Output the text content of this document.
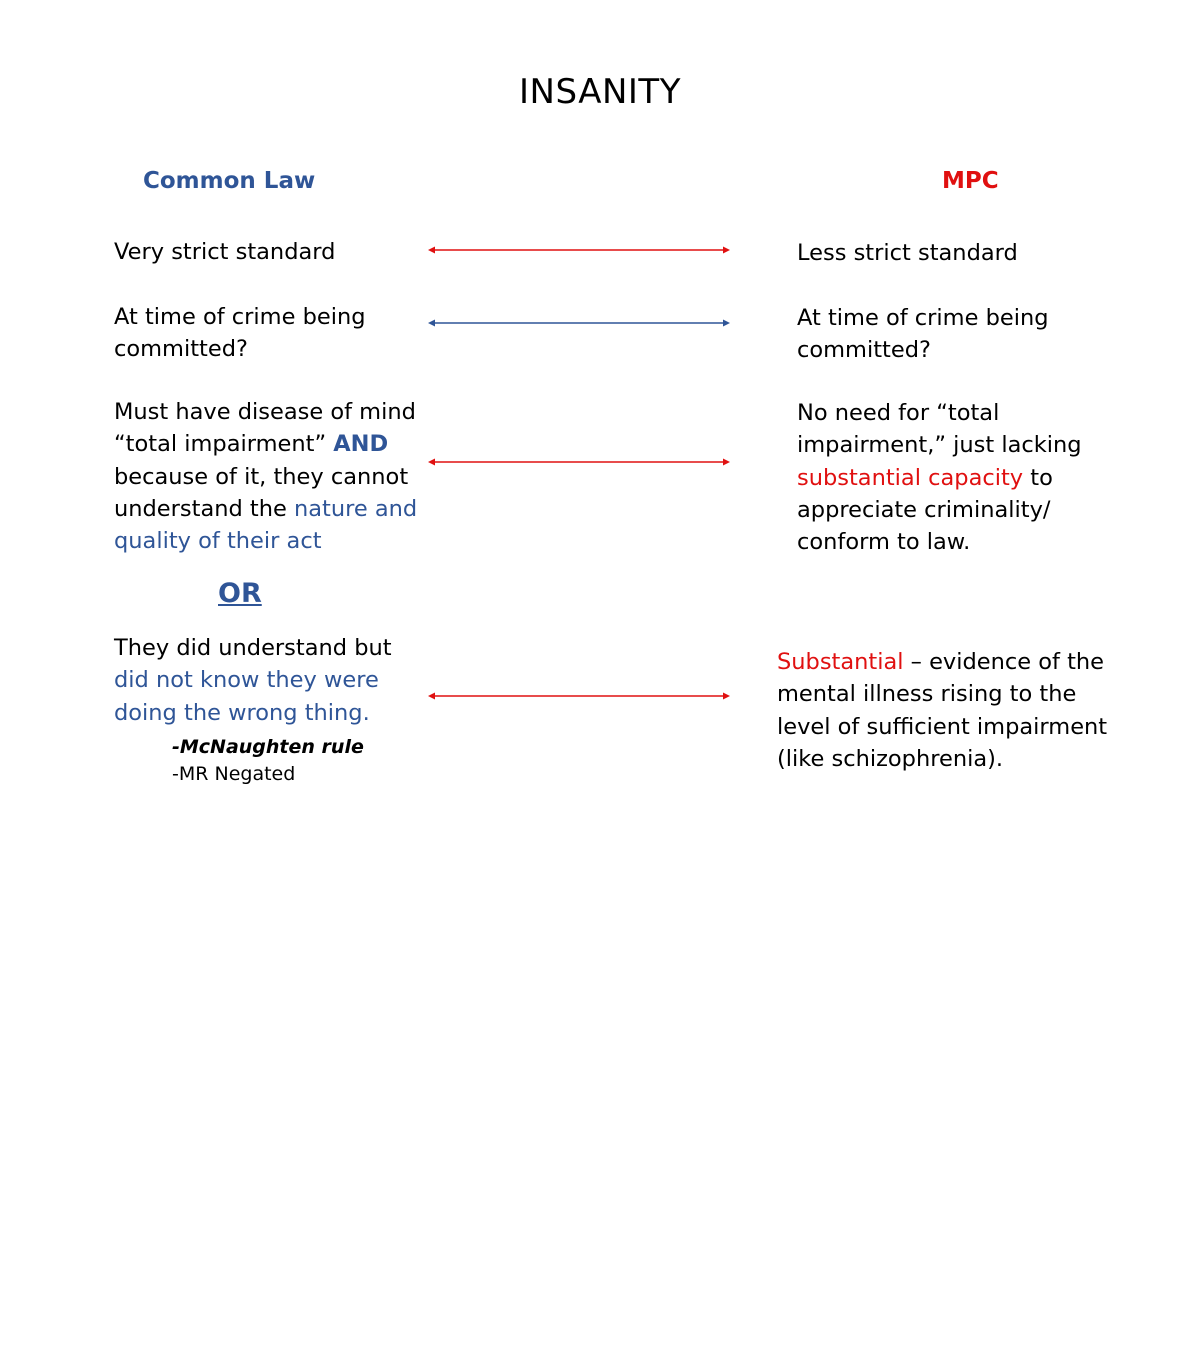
INSANITY
Common Law	MPC
Very strict standard	Less strict standard
At time of crime being
committed?
At time of crime being
committed?
Must have disease of mind
“total impairment” AND
because of it, they cannot
understand the nature and
quality of their act
No need for “total
impairment,” just lacking
substantial capacity to
appreciate criminality/
conform to law.
OR
They did understand but
did not know they were
doing the wrong thing.
-McNaughten rule
-MR Negated
Substantial – evidence of the
mental illness rising to the
level of sufficient impairment
(like schizophrenia).
